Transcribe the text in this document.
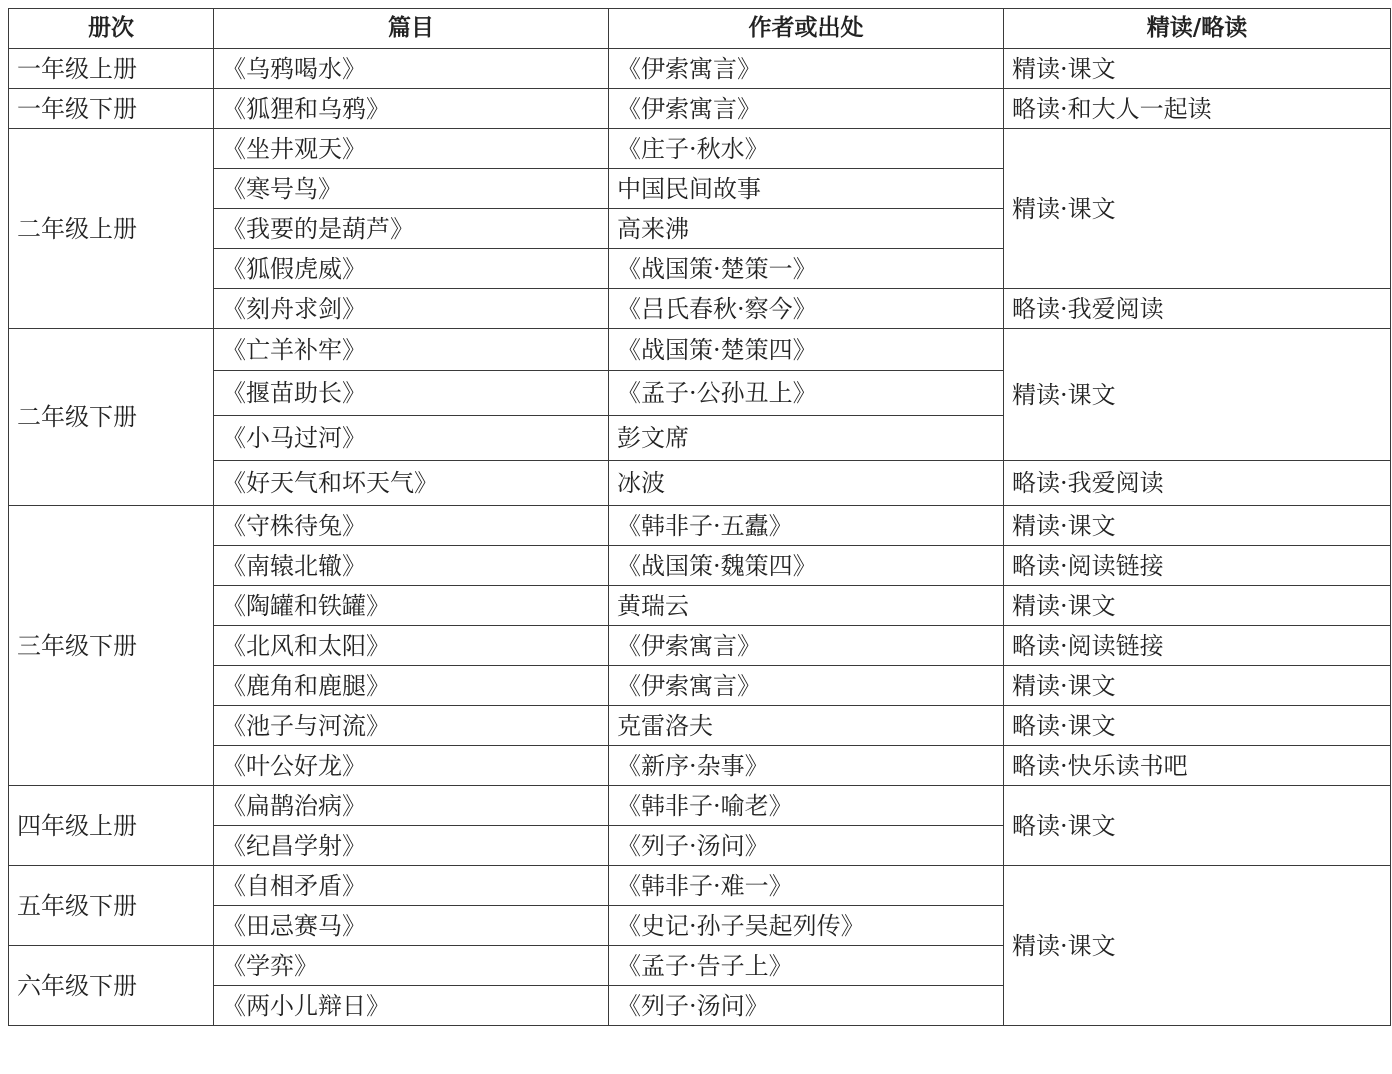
册次	篇目	作者或出处	精读/略读
一年级上册	《乌鸦喝水》	《伊索寓言》	精读·课文
一年级下册	《狐狸和乌鸦》	《伊索寓言》	略读·和大人一起读
二年级上册	《坐井观天》	《庄子·秋水》	精读·课文
	《寒号鸟》	中国民间故事	
	《我要的是葫芦》	高来沸	
	《狐假虎威》	《战国策·楚策一》	
	《刻舟求剑》	《吕氏春秋·察今》	略读·我爱阅读
二年级下册	《亡羊补牢》	《战国策·楚策四》	精读·课文
	《揠苗助长》	《孟子·公孙丑上》	
	《小马过河》	彭文席	
	《好天气和坏天气》	冰波	略读·我爱阅读
三年级下册	《守株待兔》	《韩非子·五蠹》	精读·课文
	《南辕北辙》	《战国策·魏策四》	略读·阅读链接
	《陶罐和铁罐》	黄瑞云	精读·课文
	《北风和太阳》	《伊索寓言》	略读·阅读链接
	《鹿角和鹿腿》	《伊索寓言》	精读·课文
	《池子与河流》	克雷洛夫	略读·课文
	《叶公好龙》	《新序·杂事》	略读·快乐读书吧
四年级上册	《扁鹊治病》	《韩非子·喻老》	略读·课文
	《纪昌学射》	《列子·汤问》	
五年级下册	《自相矛盾》	《韩非子·难一》	精读·课文
	《田忌赛马》	《史记·孙子吴起列传》	
六年级下册	《学弈》	《孟子·告子上》	
	《两小儿辩日》	《列子·汤问》	
